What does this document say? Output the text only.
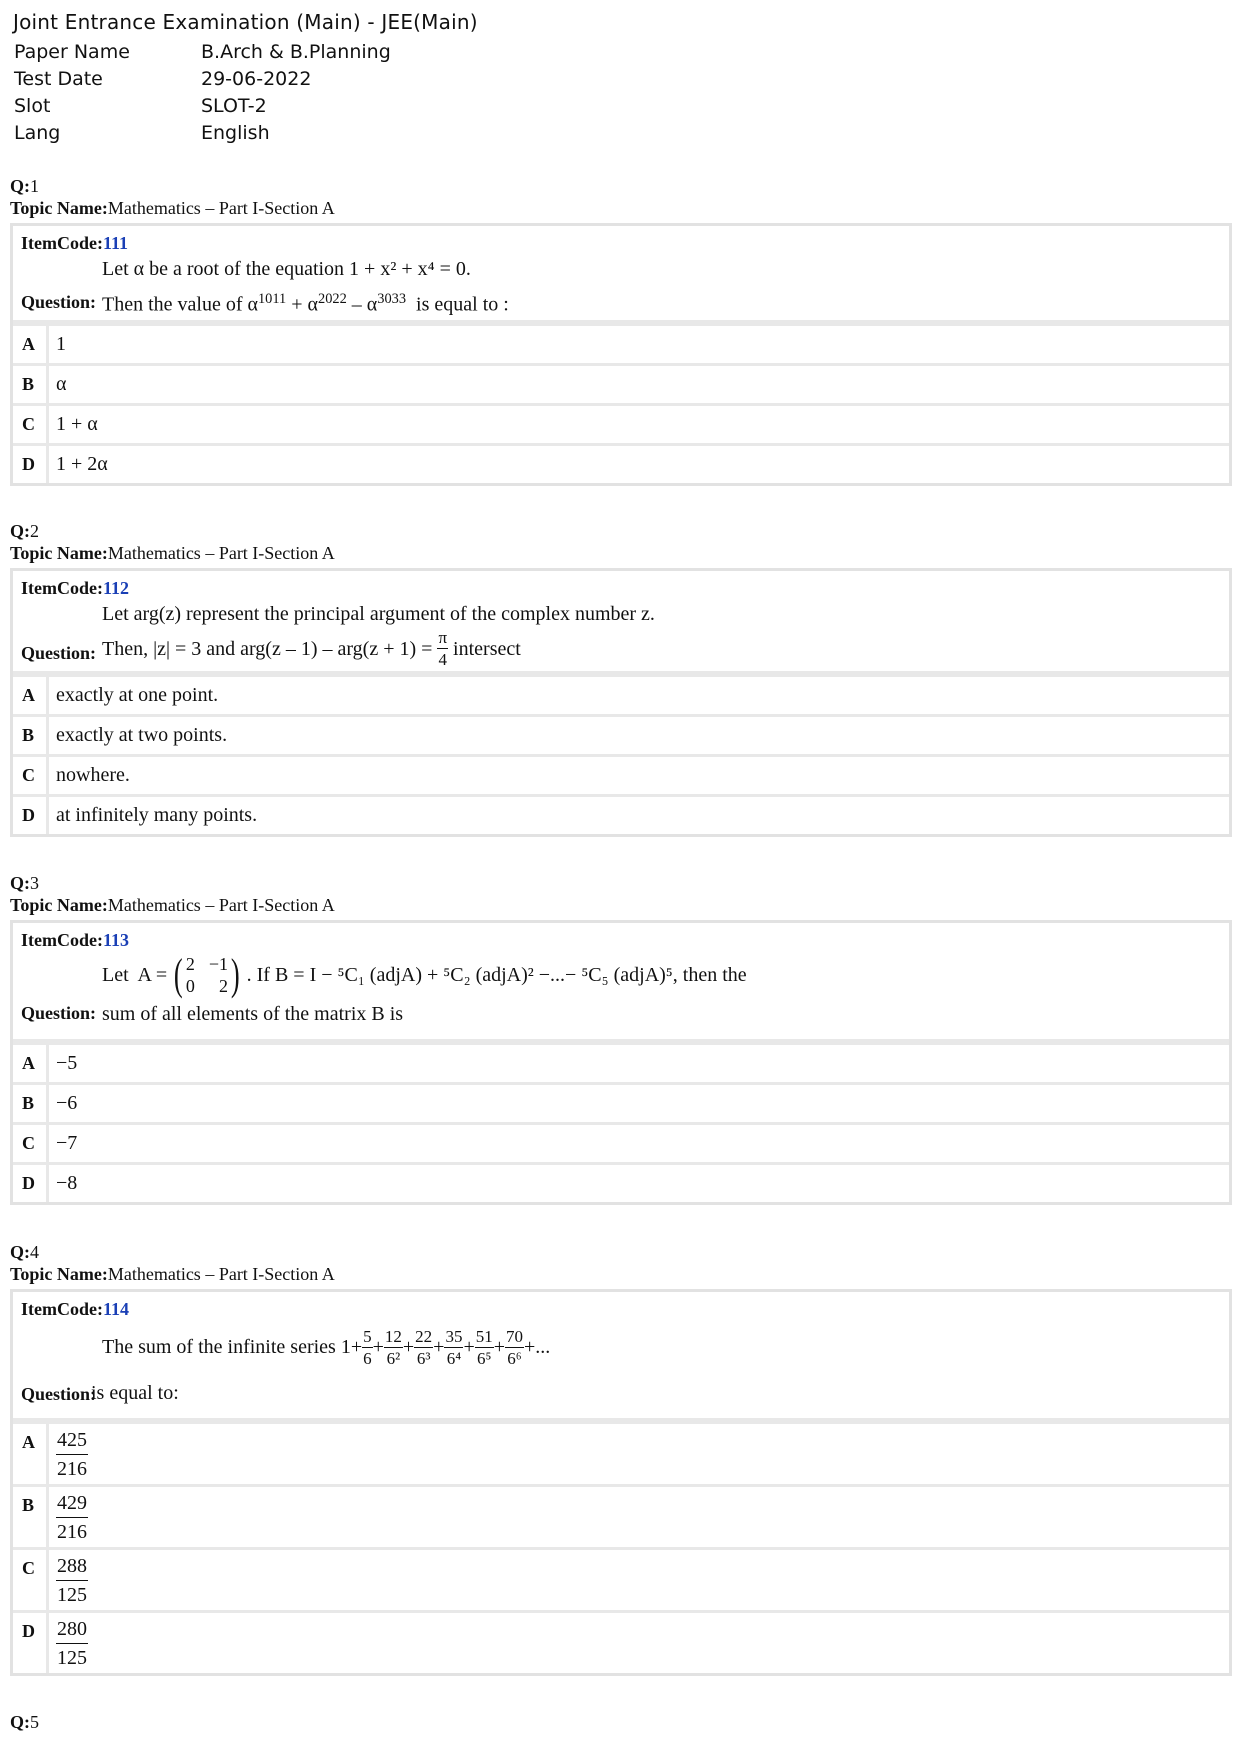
Joint Entrance Examination (Main) - JEE(Main)
Paper Name	B.Arch & B.Planning
Test Date	29-06-2022
Slot	SLOT-2
Lang	English
Q:1
Topic Name:Mathematics – Part I-Section A
ItemCode:111
Let α be a root of the equation 1 + x² + x⁴ = 0.
Question: Then the value of $\alpha^{1011} + \alpha^{2022} - \alpha^{3033}$  is equal to :
A	1
B	α
C	1 + α
D	1 + 2α
Q:2
Topic Name:Mathematics – Part I-Section A
ItemCode:112
Let arg(z) represent the principal argument of the complex number z.
Question: Then, |z| = 3 and $arg(z - 1) - arg(z + 1) = \frac{\pi}{4}$ intersect
A	exactly at one point.
B	exactly at two points.
C	nowhere.
D	at infinitely many points.
Q:3
Topic Name:Mathematics – Part I-Section A
ItemCode:113
Let  A = ( 2 −1
0	2 ) . If B = I − ⁵C₁ (adjA) + ⁵C₂ (adjA)² −...− ⁵C₅ (adjA)⁵, then the
Question: sum of all elements of the matrix B is
A	−5
B	−6
C	−7
D	−8
Q:4
Topic Name:Mathematics – Part I-Section A
ItemCode:114
The sum of the infinite series $1+ \frac{5}{6} + \frac{12}{\text{6²}} + \frac{22}{\text{6³}} + \frac{35}{\text{6⁴}} + \frac{51}{\text{6⁵}} + \frac{70}{\text{6⁶}}$ +...
Question:
is equal to:
A	$\frac{425}{216}$
B	$\frac{429}{216}$
C	$\frac{288}{125}$
D	$\frac{280}{125}$
Q:5
